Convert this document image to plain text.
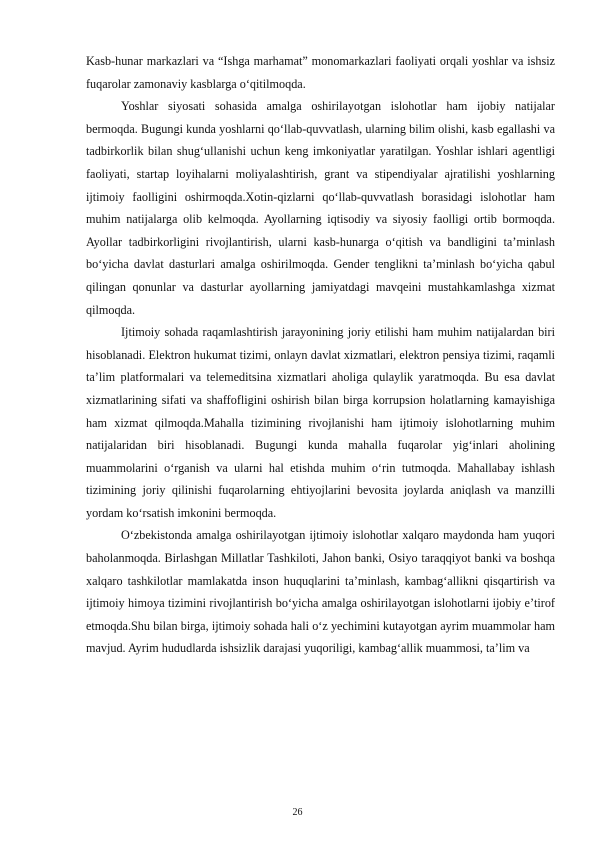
Kasb-hunar markazlari va “Ishga marhamat” monomarkazlari faoliyati orqali yoshlar va ishsiz fuqarolar zamonaviy kasblarga oʻqitilmoqda.

Yoshlar siyosati sohasida amalga oshirilayotgan islohotlar ham ijobiy natijalar bermoqda. Bugungi kunda yoshlarni qoʻllab-quvvatlash, ularning bilim olishi, kasb egallashi va tadbirkorlik bilan shugʻullanishi uchun keng imkoniyatlar yaratilgan. Yoshlar ishlari agentligi faoliyati, startap loyihalarni moliyalashtirish, grant va stipendiyalar ajratilishi yoshlarning ijtimoiy faolligini oshirmoqda.Xotin-qizlarni qoʻllab-quvvatlash borasidagi islohotlar ham muhim natijalarga olib kelmoqda. Ayollarning iqtisodiy va siyosiy faolligi ortib bormoqda. Ayollar tadbirkorligini rivojlantirish, ularni kasb-hunarga oʻqitish va bandligini taʼminlash boʻyicha davlat dasturlari amalga oshirilmoqda. Gender tenglikni taʼminlash boʻyicha qabul qilingan qonunlar va dasturlar ayollarning jamiyatdagi mavqeini mustahkamlashga xizmat qilmoqda.

Ijtimoiy sohada raqamlashtirish jarayonining joriy etilishi ham muhim natijalardan biri hisoblanadi. Elektron hukumat tizimi, onlayn davlat xizmatlari, elektron pensiya tizimi, raqamli taʼlim platformalari va telemeditsina xizmatlari aholiga qulaylik yaratmoqda. Bu esa davlat xizmatlarining sifati va shaffofligini oshirish bilan birga korrupsion holatlarning kamayishiga ham xizmat qilmoqda.Mahalla tizimining rivojlanishi ham ijtimoiy islohotlarning muhim natijalaridan biri hisoblanadi. Bugungi kunda mahalla fuqarolar yigʻinlari aholining muammolarini oʻrganish va ularni hal etishda muhim oʻrin tutmoqda. Mahallabay ishlash tizimining joriy qilinishi fuqarolarning ehtiyojlarini bevosita joylarda aniqlash va manzilli yordam koʻrsatish imkonini bermoqda.

Oʻzbekistonda amalga oshirilayotgan ijtimoiy islohotlar xalqaro maydonda ham yuqori baholanmoqda. Birlashgan Millatlar Tashkiloti, Jahon banki, Osiyo taraqqiyot banki va boshqa xalqaro tashkilotlar mamlakatda inson huquqlarini taʼminlash, kambagʻallikni qisqartirish va ijtimoiy himoya tizimini rivojlantirish boʻyicha amalga oshirilayotgan islohotlarni ijobiy eʼtirof etmoqda.Shu bilan birga, ijtimoiy sohada hali oʻz yechimini kutayotgan ayrim muammolar ham mavjud. Ayrim hududlarda ishsizlik darajasi yuqoriligi, kambagʻallik muammosi, taʼlim va

26
